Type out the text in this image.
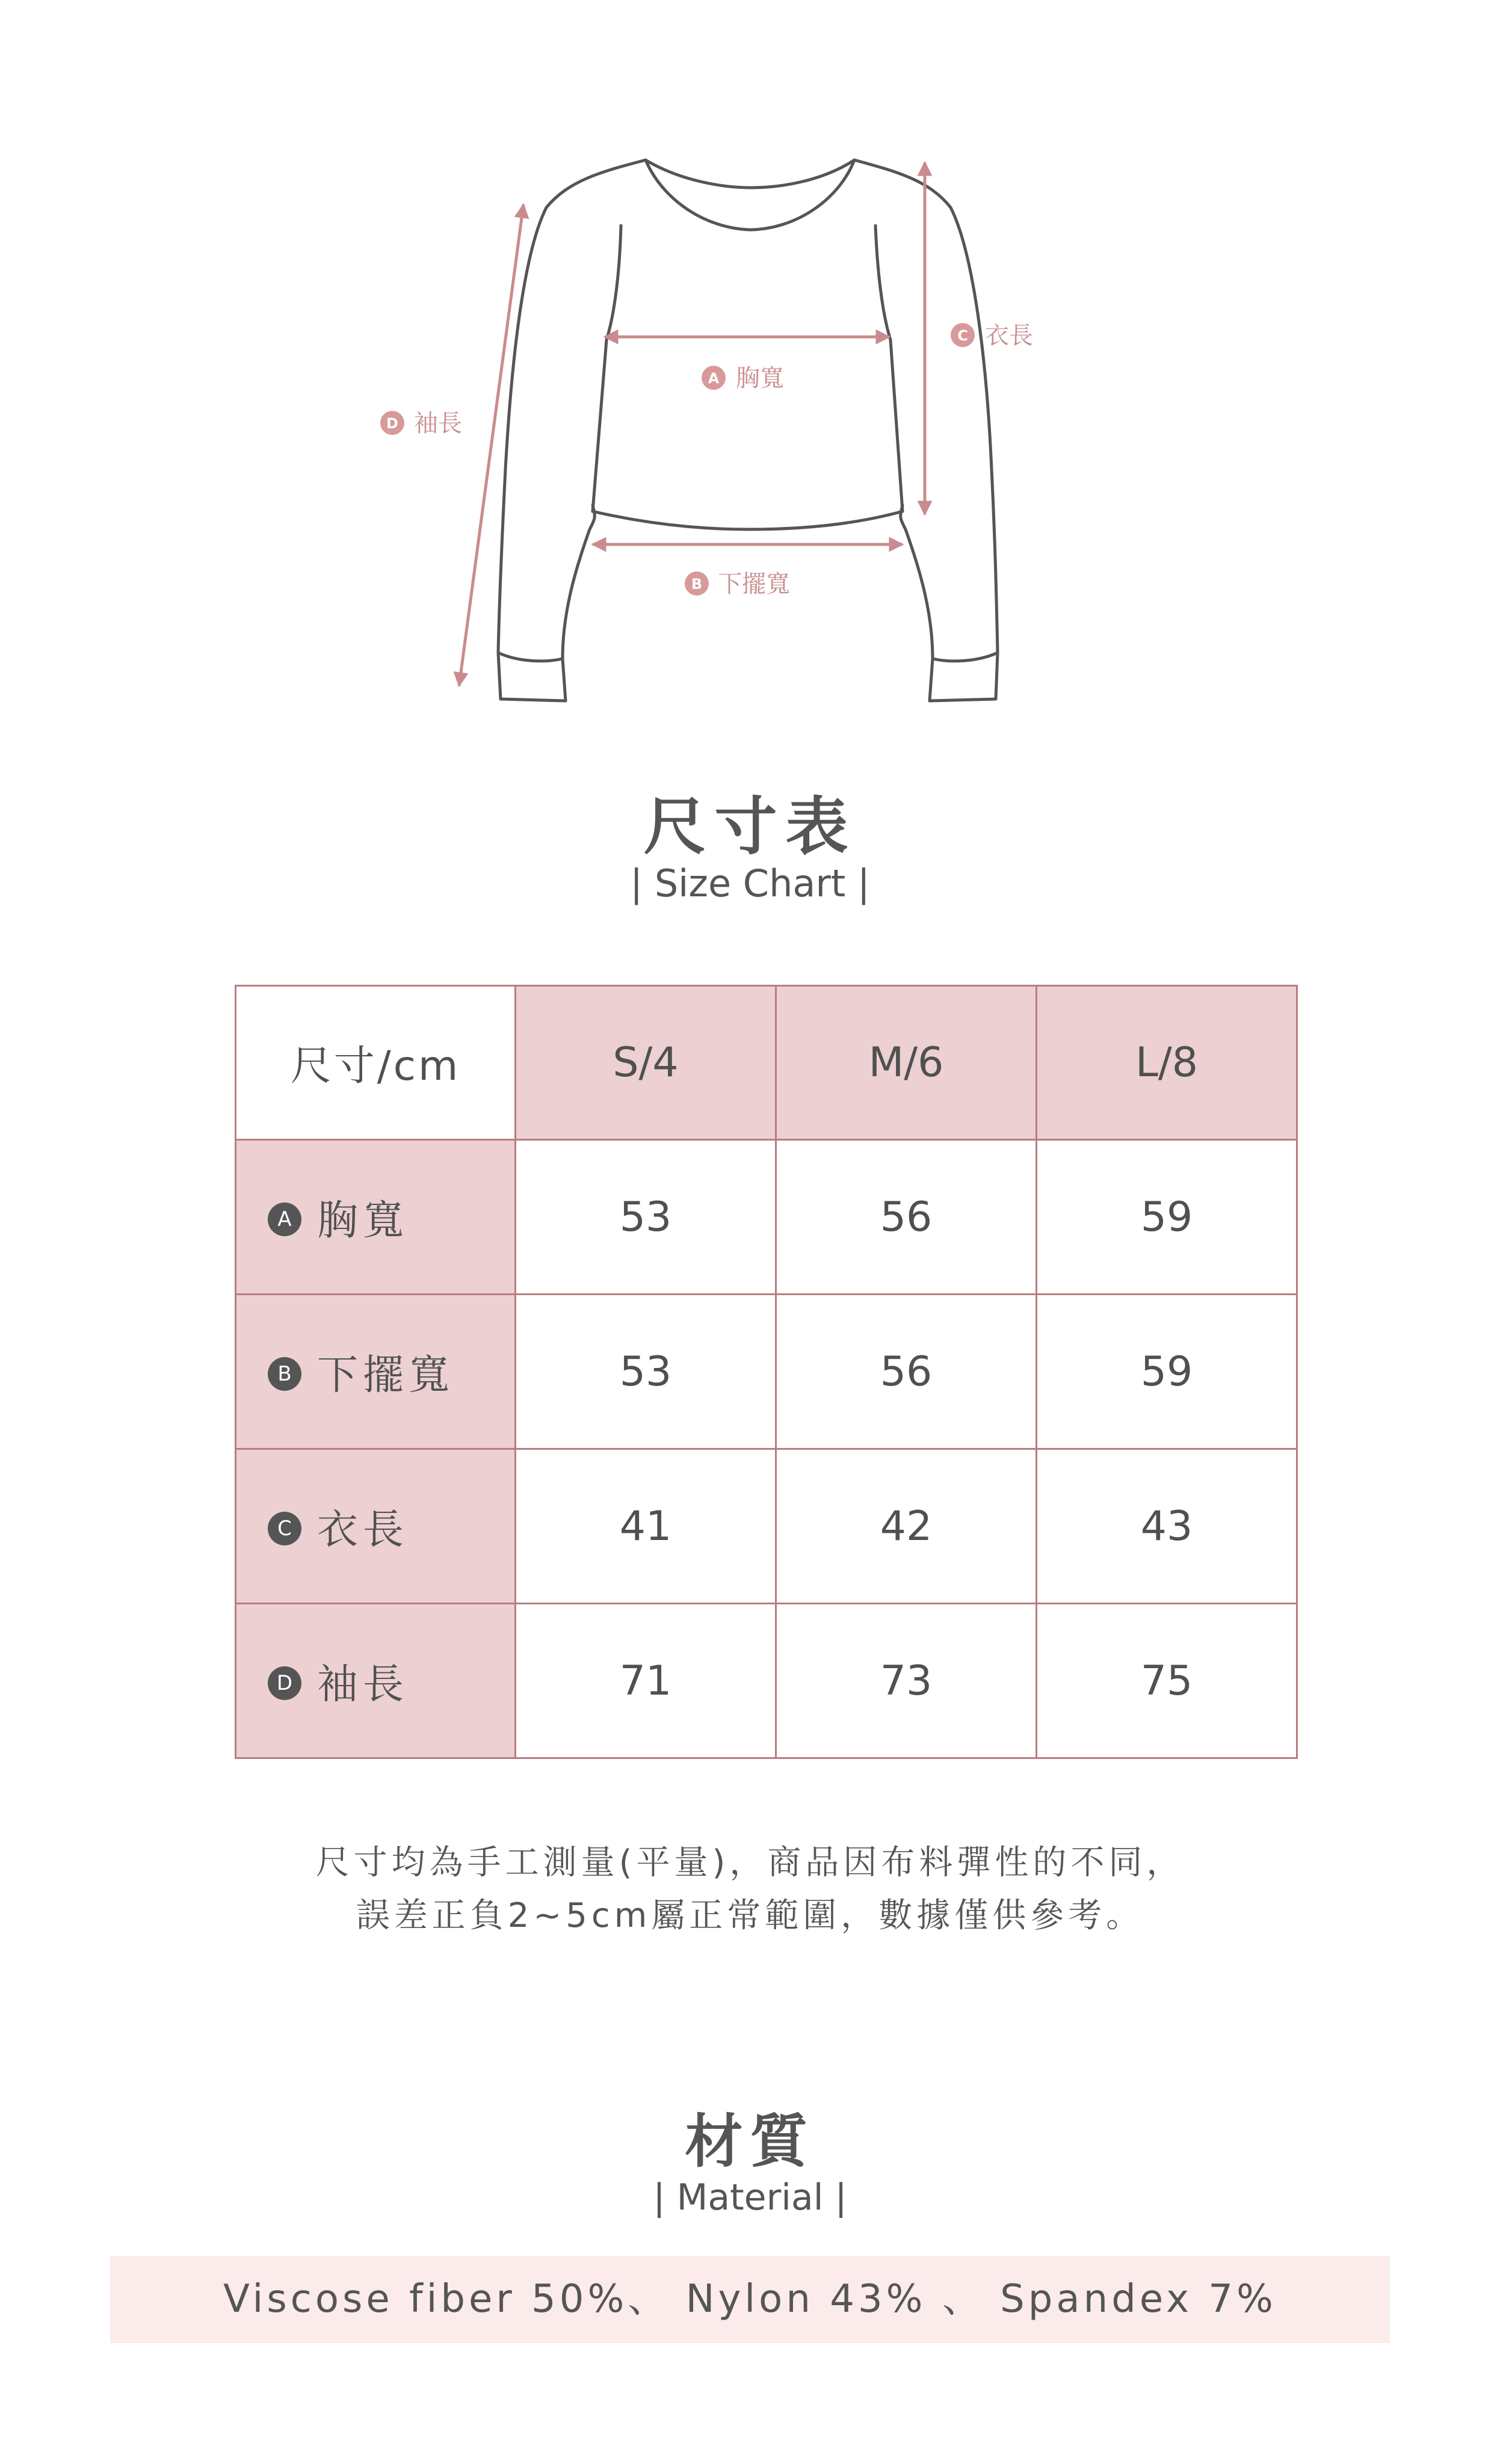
A 胸寬
B 下擺寬
C 衣長
D 袖長
尺寸表
| Size Chart |
尺寸/cm	S/4	M/6	L/8
A 胸寬	53	56	59
B 下擺寬	53	56	59
C 衣長	41	42	43
D 袖長	71	73	75
尺寸均為手工測量(平量)，商品因布料彈性的不同，
誤差正負2~5cm屬正常範圍，數據僅供參考。
材質
| Material |
Viscose fiber 50%、 Nylon 43% 、 Spandex 7%
